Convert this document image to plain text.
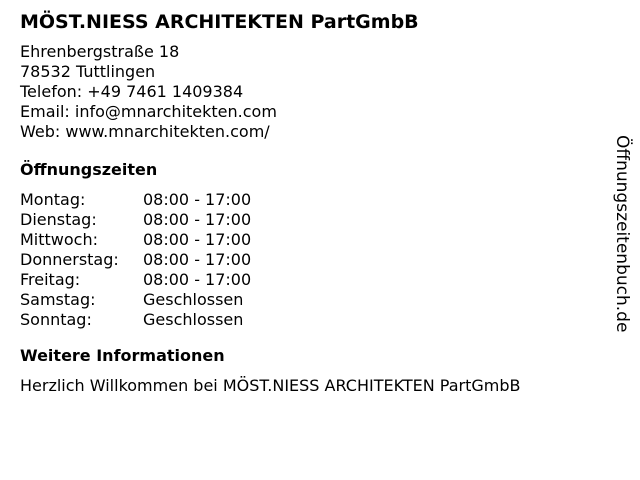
MÖST.NIESS ARCHITEKTEN PartGmbB
Ehrenbergstraße 18
78532 Tuttlingen
Telefon: +49 7461 1409384
Email: info@mnarchitekten.com
Web: www.mnarchitekten.com/
Öffnungszeiten
Montag:	08:00 - 17:00
Dienstag:	08:00 - 17:00
Mittwoch:	08:00 - 17:00
Donnerstag:	08:00 - 17:00
Freitag:	08:00 - 17:00
Samstag:	Geschlossen
Sonntag:	Geschlossen
Weitere Informationen
Herzlich Willkommen bei MÖST.NIESS ARCHITEKTEN PartGmbB
Öffnungszeitenbuch.de
